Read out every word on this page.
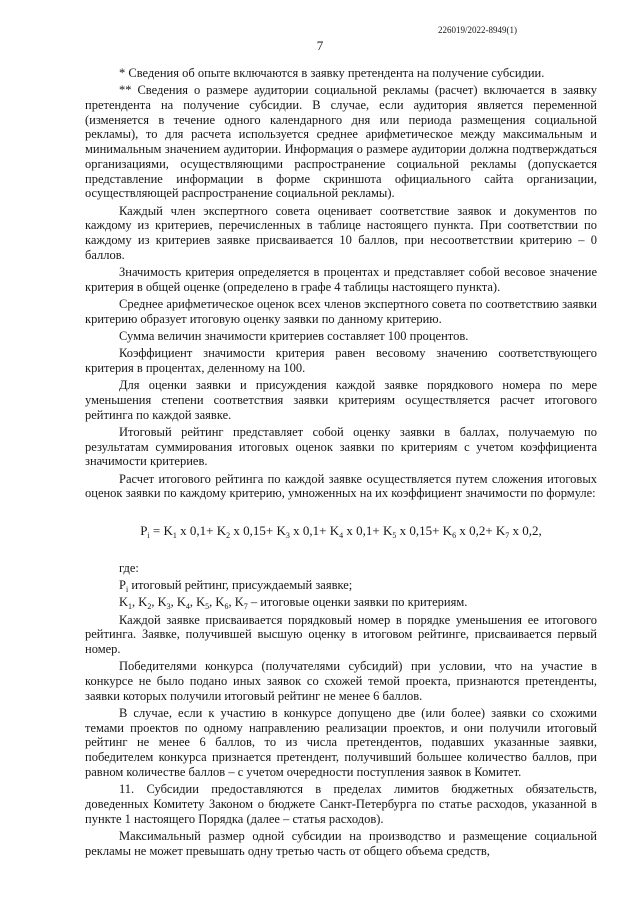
226019/2022-8949(1)
7

* Сведения об опыте включаются в заявку претендента на получение субсидии.

** Сведения о размере аудитории социальной рекламы (расчет) включается в заявку претендента на получение субсидии. В случае, если аудитория является переменной (изменяется в течение одного календарного дня или периода размещения социальной рекламы), то для расчета используется среднее арифметическое между максимальным и минимальным значением аудитории. Информация о размере аудитории должна подтверждаться организациями, осуществляющими распространение социальной рекламы (допускается представление информации в форме скриншота официального сайта организации, осуществляющей распространение социальной рекламы).

Каждый член экспертного совета оценивает соответствие заявок и документов по каждому из критериев, перечисленных в таблице настоящего пункта. При соответствии по каждому из критериев заявке присваивается 10 баллов, при несоответствии критерию – 0 баллов.

Значимость критерия определяется в процентах и представляет собой весовое значение критерия в общей оценке (определено в графе 4 таблицы настоящего пункта).

Среднее арифметическое оценок всех членов экспертного совета по соответствию заявки критерию образует итоговую оценку заявки по данному критерию.

Сумма величин значимости критериев составляет 100 процентов.

Коэффициент значимости критерия равен весовому значению соответствующего критерия в процентах, деленному на 100.

Для оценки заявки и присуждения каждой заявке порядкового номера по мере уменьшения степени соответствия заявки критериям осуществляется расчет итогового рейтинга по каждой заявке.

Итоговый рейтинг представляет собой оценку заявки в баллах, получаемую по результатам суммирования итоговых оценок заявки по критериям с учетом коэффициента значимости критериев.

Расчет итогового рейтинга по каждой заявке осуществляется путем сложения итоговых оценок заявки по каждому критерию, умноженных на их коэффициент значимости по формуле:

$P_i = K_1$ x $0,1+ K_2$ x $0,15+ K_3$ x $0,1+ K_4$ x $0,1+ K_5$ x $0,15+ K_6$ x $0,2+ K_7$ x 0,2,

где:

$P_i$ итоговый рейтинг, присуждаемый заявке;

$K_1$, $K_2$, $K_3$, $K_4$, $K_5$, $K_6$, $K_7$ – итоговые оценки заявки по критериям.

Каждой заявке присваивается порядковый номер в порядке уменьшения ее итогового рейтинга. Заявке, получившей высшую оценку в итоговом рейтинге, присваивается первый номер.

Победителями конкурса (получателями субсидий) при условии, что на участие в конкурсе не было подано иных заявок со схожей темой проекта, признаются претенденты, заявки которых получили итоговый рейтинг не менее 6 баллов.

В случае, если к участию в конкурсе допущено две (или более) заявки со схожими темами проектов по одному направлению реализации проектов, и они получили итоговый рейтинг не менее 6 баллов, то из числа претендентов, подавших указанные заявки, победителем конкурса признается претендент, получивший большее количество баллов, при равном количестве баллов – с учетом очередности поступления заявок в Комитет.

11. Субсидии предоставляются в пределах лимитов бюджетных обязательств, доведенных Комитету Законом о бюджете Санкт-Петербурга по статье расходов, указанной в пункте 1 настоящего Порядка (далее – статья расходов).

Максимальный размер одной субсидии на производство и размещение социальной рекламы не может превышать одну третью часть от общего объема средств,
